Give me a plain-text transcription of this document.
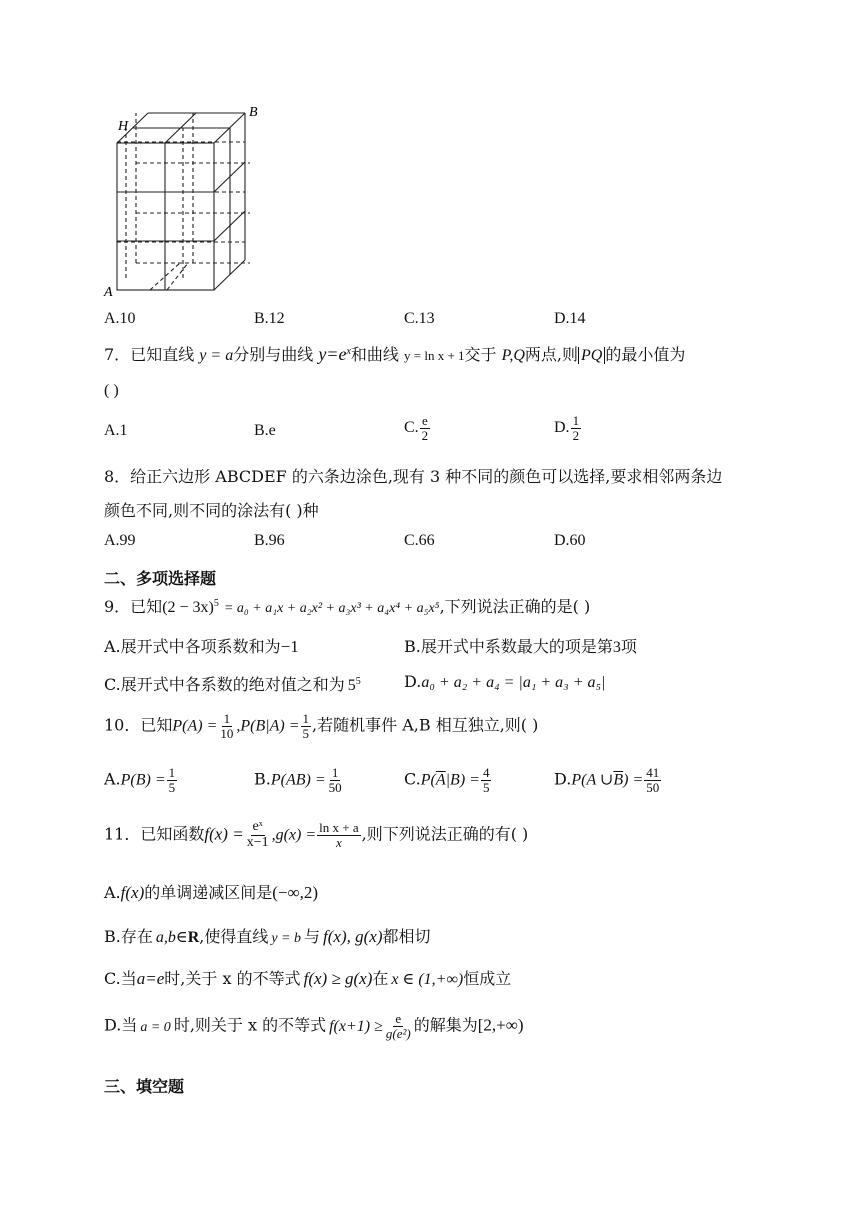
H
B
A
A.10	B.12	C.13	D.14
7．已知直线 y = a分别与曲线 $y=e^x$和曲线 y = ln x + 1交于 P,Q两点,则 PQ 的最小值为
( )
A.1	B.e	C. $\frac{e}{2}$	D. $\frac{1}{2}$
8．给正六边形 ABCDEF 的六条边涂色,现有 3 种不同的颜色可以选择,要求相邻两条边
颜色不同,则不同的涂法有( )种
A.99	B.96	C.66	D.60
二、多项选择题
9．已知$(2 - 3x)^5 = a_0 + a_1x + a_2x^2 + a_3x^3 + a_4x^4 + a_5x^5$,下列说法正确的是( )
A.展开式中各项系数和为−1	B.展开式中系数最大的项是第3项
C.展开式中各系数的绝对值之和为 $5^5$	D.a₀ + a₂ + a₄ = |a₁ + a₃ + a₅|
10．已知$P(A) = \frac{1}{10} ,P(B|A) = \frac{1}{5}$ ,若随机事件 A,B 相互独立,则( )
$A.P(B) = \frac{1}{5}$	$B.P(AB) = \frac{1}{50}$	$C.P(\overline{A}|B) = \frac{4}{5}$	D.P(A $\cup\overline{B}) = \frac{41}{50}$
11．已知函数$f(x) = \frac{\text{eˣ}}{x-1} ,g(x) = \frac{\text{ln x + a}}{x}$ ,则下列说法正确的有( )
A.f(x)的单调递减区间是(−∞,2)
B.存在 a,b∈R,使得直线 y = b 与 f(x), g(x)都相切
C.当a=e时,关于 x 的不等式 f(x) ≥ g(x)在 x ∈ (1,+∞)恒成立
D.当 a = 0 时,则关于 x 的不等式 $f(x+1) \ge \frac{e}{\text{g(e²)}}$ 的解集为[2,+∞)
三、填空题
